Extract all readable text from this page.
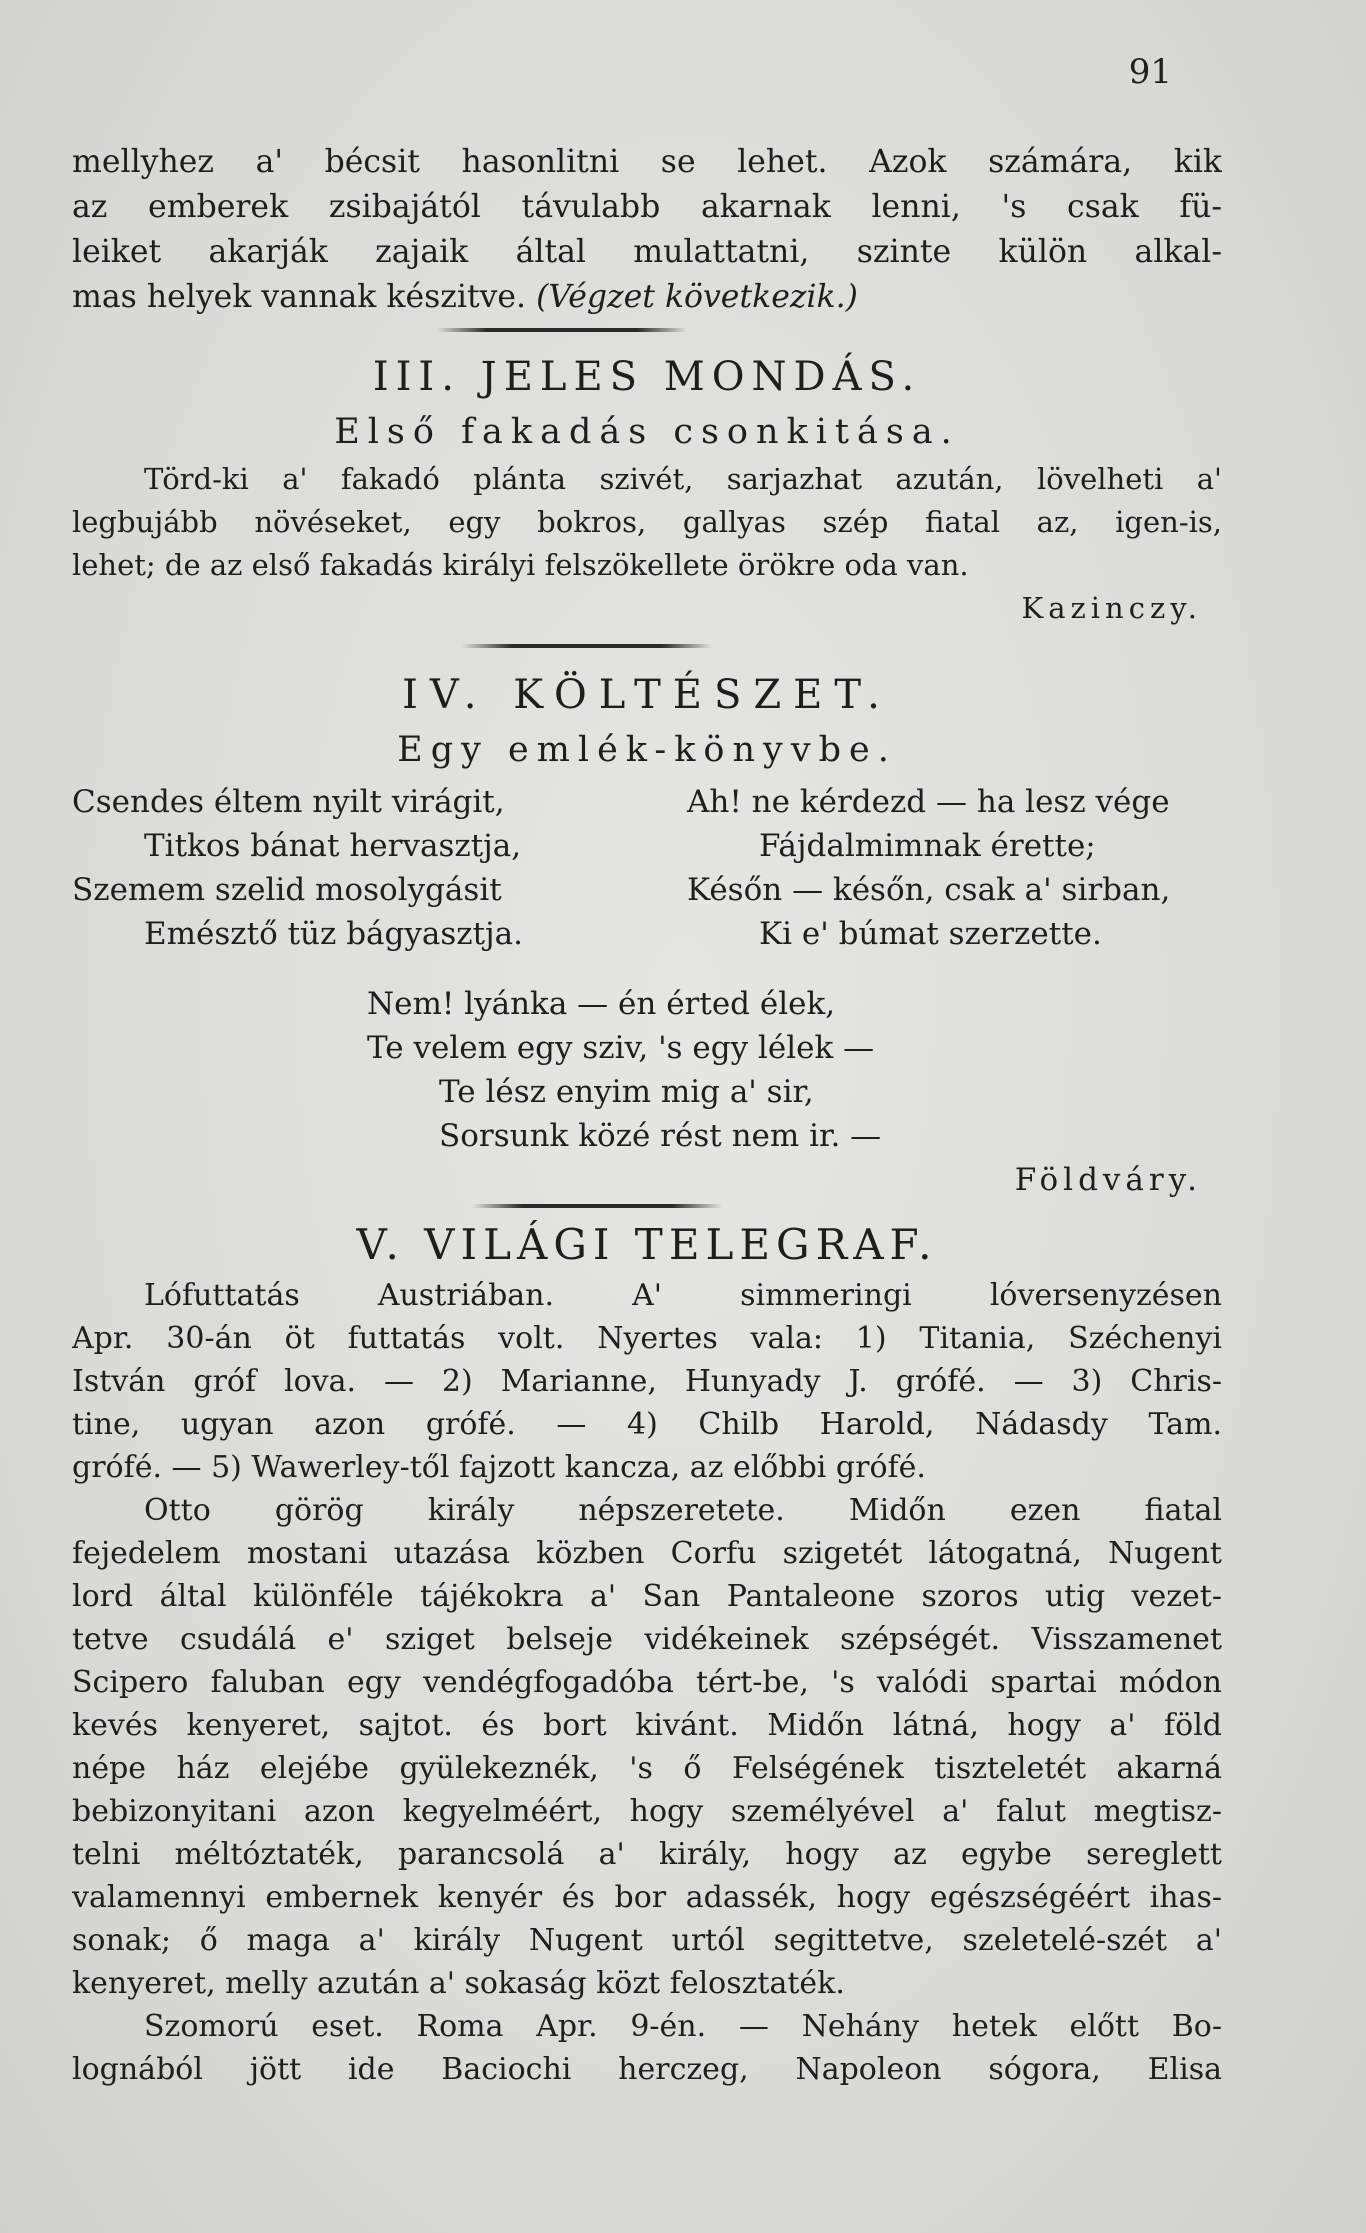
91
mellyhez a' bécsit hasonlitni se lehet. Azok számára, kik
az emberek zsibajától távulabb akarnak lenni, 's csak fü-
leiket akarják zajaik által mulattatni, szinte külön alkal-
mas helyek vannak készitve. (Végzet következik.)
III. JELES MONDÁS.
Első fakadás csonkitása.
Törd-ki a' fakadó plánta szivét, sarjazhat azután, lövelheti a'
legbujább növéseket, egy bokros, gallyas szép fiatal az, igen-is,
lehet; de az első fakadás királyi felszökellete örökre oda van.
Kazinczy.
IV. KÖLTÉSZET.
Egy emlék-könyvbe.
Csendes éltem nyilt virágit,
Titkos bánat hervasztja,
Szemem szelid mosolygásit
Emésztő tüz bágyasztja.
Ah! ne kérdezd — ha lesz vége
Fájdalmimnak érette;
Későn — későn, csak a' sirban,
Ki e' búmat szerzette.
Nem! lyánka — én érted élek,
Te velem egy sziv, 's egy lélek —
Te lész enyim mig a' sir,
Sorsunk közé rést nem ir. —
Földváry.
V. VILÁGI TELEGRAF.
Lófuttatás Austriában. A' simmeringi lóversenyzésen
Apr. 30-án öt futtatás volt. Nyertes vala: 1) Titania, Széchenyi
István gróf lova. — 2) Marianne, Hunyady J. grófé. — 3) Chris-
tine, ugyan azon grófé. — 4) Chilb Harold, Nádasdy Tam.
grófé. — 5) Wawerley-től fajzott kancza, az előbbi grófé.
Otto görög király népszeretete. Midőn ezen fiatal
fejedelem mostani utazása közben Corfu szigetét látogatná, Nugent
lord által különféle tájékokra a' San Pantaleone szoros utig vezet-
tetve csudálá e' sziget belseje vidékeinek szépségét. Visszamenet
Scipero faluban egy vendégfogadóba tért-be, 's valódi spartai módon
kevés kenyeret, sajtot. és bort kivánt. Midőn látná, hogy a' föld
népe ház elejébe gyülekeznék, 's ő Felségének tiszteletét akarná
bebizonyitani azon kegyelméért, hogy személyével a' falut megtisz-
telni méltóztaték, parancsolá a' király, hogy az egybe sereglett
valamennyi embernek kenyér és bor adassék, hogy egészségéért ihas-
sonak; ő maga a' király Nugent urtól segittetve, szeletelé-szét a'
kenyeret, melly azután a' sokaság közt felosztaték.
Szomorú eset. Roma Apr. 9-én. — Nehány hetek előtt Bo-
lognából jött ide Baciochi herczeg, Napoleon sógora, Elisa
